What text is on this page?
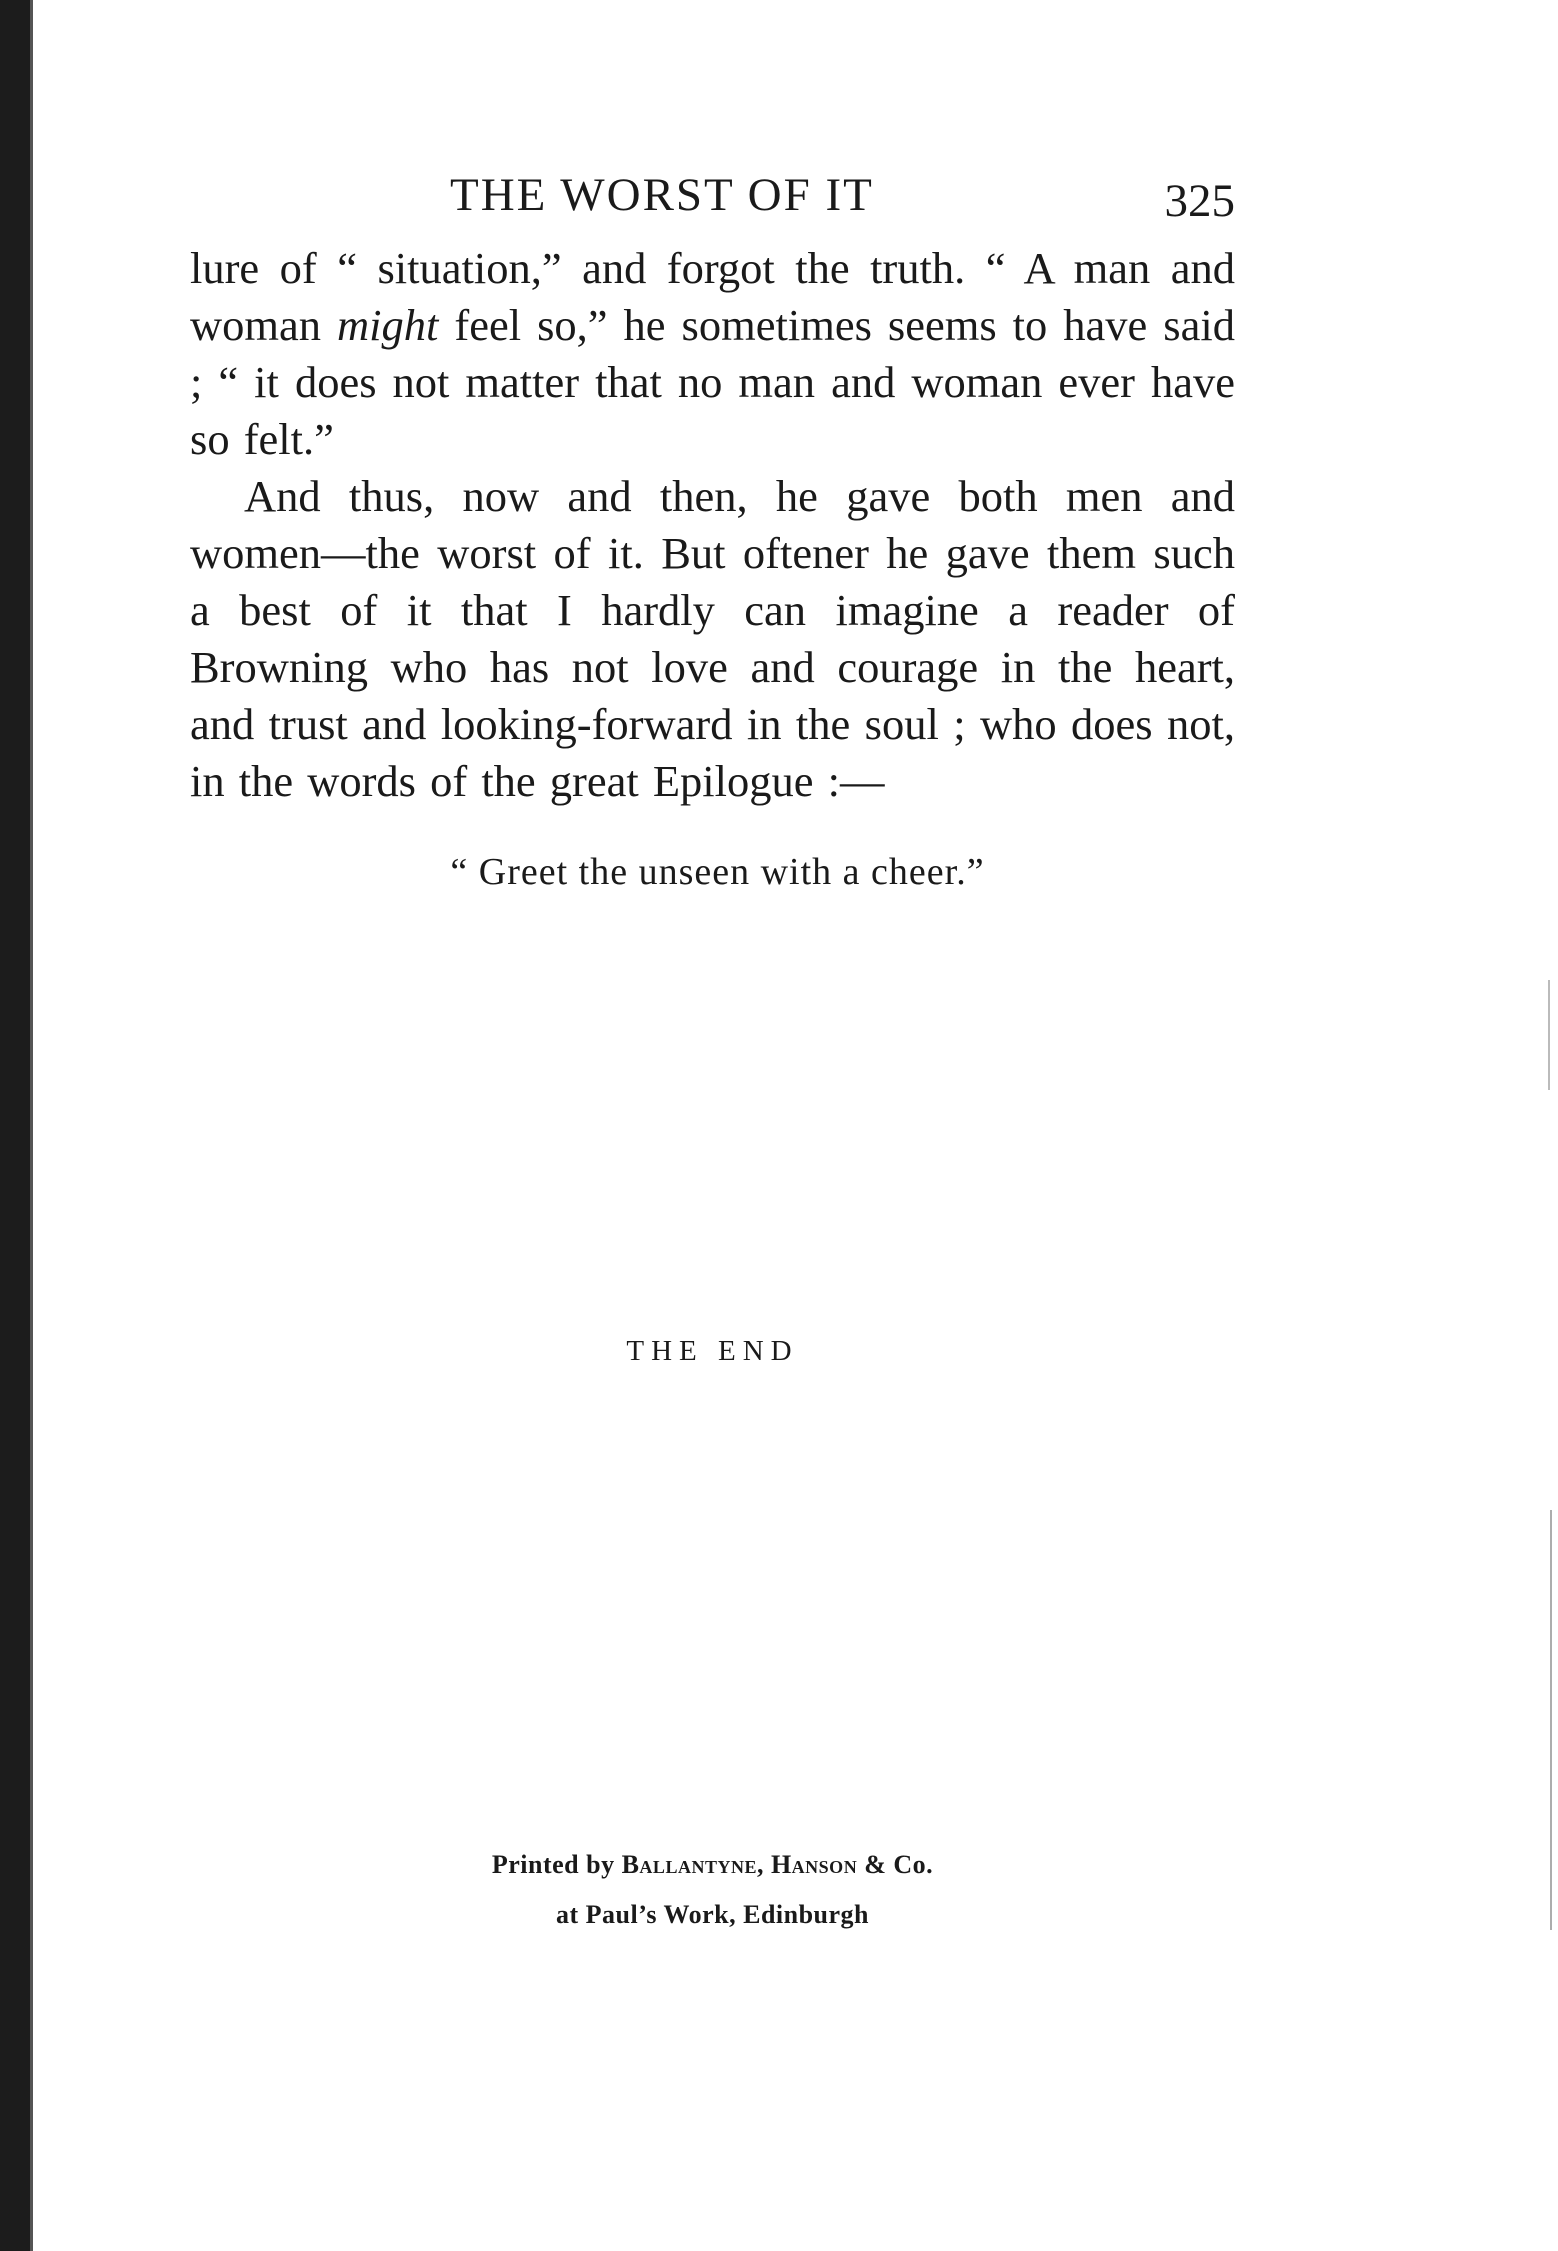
THE WORST OF IT	325

lure of “ situation,” and forgot the truth. “ A man and woman might feel so,” he sometimes seems to have said ; “ it does not matter that no man and woman ever have so felt.”

And thus, now and then, he gave both men and women—the worst of it. But oftener he gave them such a best of it that I hardly can imagine a reader of Browning who has not love and courage in the heart, and trust and looking-forward in the soul ; who does not, in the words of the great Epilogue :—

“ Greet the unseen with a cheer.”
THE END
Printed by Ballantyne, Hanson & Co.
at Paul’s Work, Edinburgh
